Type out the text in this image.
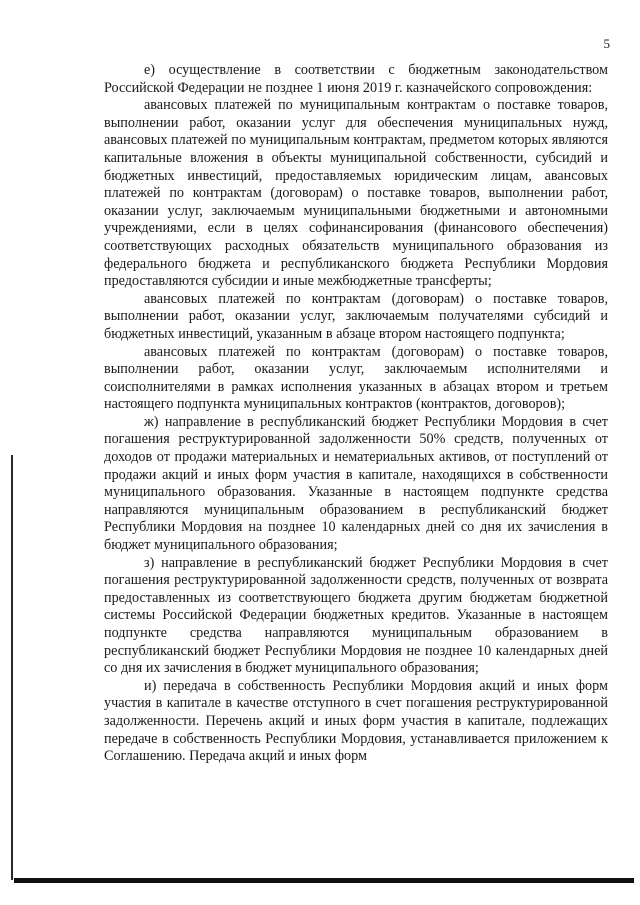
5

е) осуществление в соответствии с бюджетным законодательством Российской Федерации не позднее 1 июня 2019 г. казначейского сопровождения:

авансовых платежей по муниципальным контрактам о поставке товаров, выполнении работ, оказании услуг для обеспечения муниципальных нужд, авансовых платежей по муниципальным контрактам, предметом которых являются капитальные вложения в объекты муниципальной собственности, субсидий и бюджетных инвестиций, предоставляемых юридическим лицам, авансовых платежей по контрактам (договорам) о поставке товаров, выполнении работ, оказании услуг, заключаемым муниципальными бюджетными и автономными учреждениями, если в целях софинансирования (финансового обеспечения) соответствующих расходных обязательств муниципального образования из федерального бюджета и республиканского бюджета Республики Мордовия предоставляются субсидии и иные межбюджетные трансферты;

авансовых платежей по контрактам (договорам) о поставке товаров, выполнении работ, оказании услуг, заключаемым получателями субсидий и бюджетных инвестиций, указанным в абзаце втором настоящего подпункта;

авансовых платежей по контрактам (договорам) о поставке товаров, выполнении работ, оказании услуг, заключаемым исполнителями и соисполнителями в рамках исполнения указанных в абзацах втором и третьем настоящего подпункта муниципальных контрактов (контрактов, договоров);

ж) направление в республиканский бюджет Республики Мордовия в счет погашения реструктурированной задолженности 50% средств, полученных от доходов от продажи материальных и нематериальных активов, от поступлений от продажи акций и иных форм участия в капитале, находящихся в собственности муниципального образования. Указанные в настоящем подпункте средства направляются муниципальным образованием в республиканский бюджет Республики Мордовия на позднее 10 календарных дней со дня их зачисления в бюджет муниципального образования;

з) направление в республиканский бюджет Республики Мордовия в счет погашения реструктурированной задолженности средств, полученных от возврата предоставленных из соответствующего бюджета другим бюджетам бюджетной системы Российской Федерации бюджетных кредитов. Указанные в настоящем подпункте средства направляются муниципальным образованием в республиканский бюджет Республики Мордовия не позднее 10 календарных дней со дня их зачисления в бюджет муниципального образования;

и) передача в собственность Республики Мордовия акций и иных форм участия в капитале в качестве отступного в счет погашения реструктурированной задолженности. Перечень акций и иных форм участия в капитале, подлежащих передаче в собственность Республики Мордовия, устанавливается приложением к Соглашению. Передача акций и иных форм
